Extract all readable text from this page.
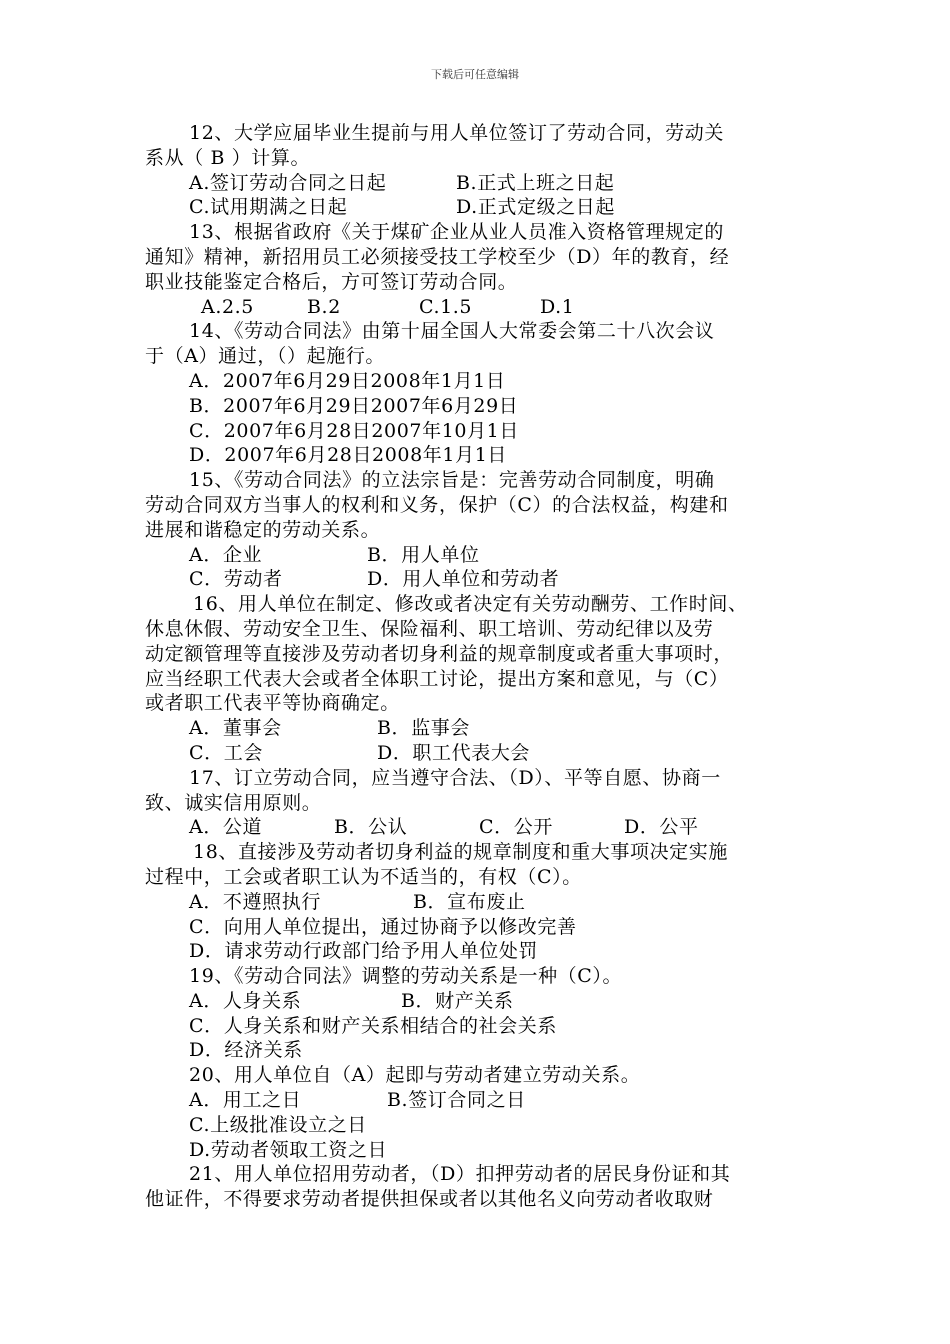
下载后可任意编辑
12、大学应届毕业生提前与用人单位签订了劳动合同，劳动关
系从（ B ）计算。
A.签订劳动合同之日起	B.正式上班之日起
C.试用期满之日起	D.正式定级之日起
13、根据省政府《关于煤矿企业从业人员准入资格管理规定的
通知》精神，新招用员工必须接受技工学校至少（D）年的教育，经
职业技能鉴定合格后，方可签订劳动合同。
A.2.5	B.2	C.1.5	D.1
14、《劳动合同法》由第十届全国人大常委会第二十八次会议
于（A）通过，（）起施行。
A．2007年6月29日2008年1月1日
B．2007年6月29日2007年6月29日
C．2007年6月28日2007年10月1日
D．2007年6月28日2008年1月1日
15、《劳动合同法》的立法宗旨是：完善劳动合同制度，明确
劳动合同双方当事人的权利和义务，保护（C）的合法权益，构建和
进展和谐稳定的劳动关系。
A．企业	B．用人单位
C．劳动者	D．用人单位和劳动者
16、用人单位在制定、修改或者决定有关劳动酬劳、工作时间、
休息休假、劳动安全卫生、保险福利、职工培训、劳动纪律以及劳
动定额管理等直接涉及劳动者切身利益的规章制度或者重大事项时，
应当经职工代表大会或者全体职工讨论，提出方案和意见，与（C）
或者职工代表平等协商确定。
A．董事会	B．监事会
C．工会	D．职工代表大会
17、订立劳动合同，应当遵守合法、（D）、平等自愿、协商一
致、诚实信用原则。
A．公道	B．公认	C．公开	D．公平
18、直接涉及劳动者切身利益的规章制度和重大事项决定实施
过程中，工会或者职工认为不适当的，有权（C）。
A．不遵照执行	B．宣布废止
C．向用人单位提出，通过协商予以修改完善
D．请求劳动行政部门给予用人单位处罚
19、《劳动合同法》调整的劳动关系是一种（C）。
A．人身关系	B．财产关系
C．人身关系和财产关系相结合的社会关系
D．经济关系
20、用人单位自（A）起即与劳动者建立劳动关系。
A．用工之日	B.签订合同之日
C.上级批准设立之日
D.劳动者领取工资之日
21、用人单位招用劳动者，（D）扣押劳动者的居民身份证和其
他证件，不得要求劳动者提供担保或者以其他名义向劳动者收取财
